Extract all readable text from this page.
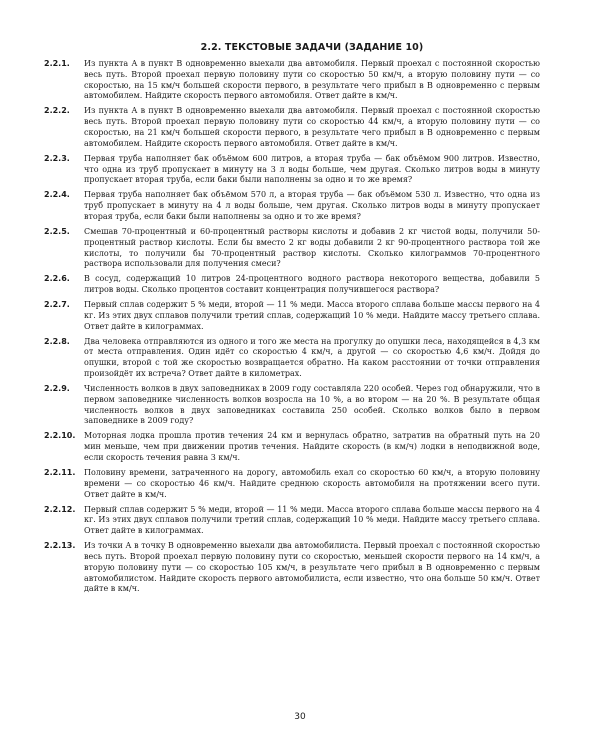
2.2. ТЕКСТОВЫЕ ЗАДАЧИ (ЗАДАНИЕ 10)
2.2.1. Из пункта А в пункт В одновременно выехали два автомобиля. Первый проехал с постоянной скоростью весь путь. Второй проехал первую половину пути со скоростью 50 км/ч, а вторую половину пути — со скоростью, на 15 км/ч большей скорости первого, в результате чего прибыл в В одновременно с первым автомобилем. Найдите скорость первого автомобиля. Ответ дайте в км/ч.
2.2.2. Из пункта А в пункт В одновременно выехали два автомобиля. Первый проехал с постоянной скоростью весь путь. Второй проехал первую половину пути со скоростью 44 км/ч, а вторую половину пути — со скоростью, на 21 км/ч большей скорости первого, в результате чего прибыл в В одновременно с первым автомобилем. Найдите скорость первого автомобиля. Ответ дайте в км/ч.
2.2.3. Первая труба наполняет бак объёмом 600 литров, а вторая труба — бак объёмом 900 литров. Известно, что одна из труб пропускает в минуту на 3 л воды больше, чем другая. Сколько литров воды в минуту пропускает вторая труба, если баки были наполнены за одно и то же время?
2.2.4. Первая труба наполняет бак объёмом 570 л, а вторая труба — бак объёмом 530 л. Известно, что одна из труб пропускает в минуту на 4 л воды больше, чем другая. Сколько литров воды в минуту пропускает вторая труба, если баки были наполнены за одно и то же время?
2.2.5. Смешав 70-процентный и 60-процентный растворы кислоты и добавив 2 кг чистой воды, получили 50-процентный раствор кислоты. Если бы вместо 2 кг воды добавили 2 кг 90-процентного раствора той же кислоты, то получили бы 70-процентный раствор кислоты. Сколько килограммов 70-процентного раствора использовали для получения смеси?
2.2.6. В сосуд, содержащий 10 литров 24-процентного водного раствора некоторого вещества, добавили 5 литров воды. Сколько процентов составит концентрация получившегося раствора?
2.2.7. Первый сплав содержит 5 % меди, второй — 11 % меди. Масса второго сплава больше массы первого на 4 кг. Из этих двух сплавов получили третий сплав, содержащий 10 % меди. Найдите массу третьего сплава. Ответ дайте в килограммах.
2.2.8. Два человека отправляются из одного и того же места на прогулку до опушки леса, находящейся в 4,3 км от места отправления. Один идёт со скоростью 4 км/ч, а другой — со скоростью 4,6 км/ч. Дойдя до опушки, второй с той же скоростью возвращается обратно. На каком расстоянии от точки отправления произойдёт их встреча? Ответ дайте в километрах.
2.2.9. Численность волков в двух заповедниках в 2009 году составляла 220 особей. Через год обнаружили, что в первом заповеднике численность волков возросла на 10 %, а во втором — на 20 %. В результате общая численность волков в двух заповедниках составила 250 особей. Сколько волков было в первом заповеднике в 2009 году?
2.2.10. Моторная лодка прошла против течения 24 км и вернулась обратно, затратив на обратный путь на 20 мин меньше, чем при движении против течения. Найдите скорость (в км/ч) лодки в неподвижной воде, если скорость течения равна 3 км/ч.
2.2.11. Половину времени, затраченного на дорогу, автомобиль ехал со скоростью 60 км/ч, а вторую половину времени — со скоростью 46 км/ч. Найдите среднюю скорость автомобиля на протяжении всего пути. Ответ дайте в км/ч.
2.2.12. Первый сплав содержит 5 % меди, второй — 11 % меди. Масса второго сплава больше массы первого на 4 кг. Из этих двух сплавов получили третий сплав, содержащий 10 % меди. Найдите массу третьего сплава. Ответ дайте в килограммах.
2.2.13. Из точки А в точку В одновременно выехали два автомобилиста. Первый проехал с постоянной скоростью весь путь. Второй проехал первую половину пути со скоростью, меньшей скорости первого на 14 км/ч, а вторую половину пути — со скоростью 105 км/ч, в результате чего прибыл в В одновременно с первым автомобилистом. Найдите скорость первого автомобилиста, если известно, что она больше 50 км/ч. Ответ дайте в км/ч.
30
